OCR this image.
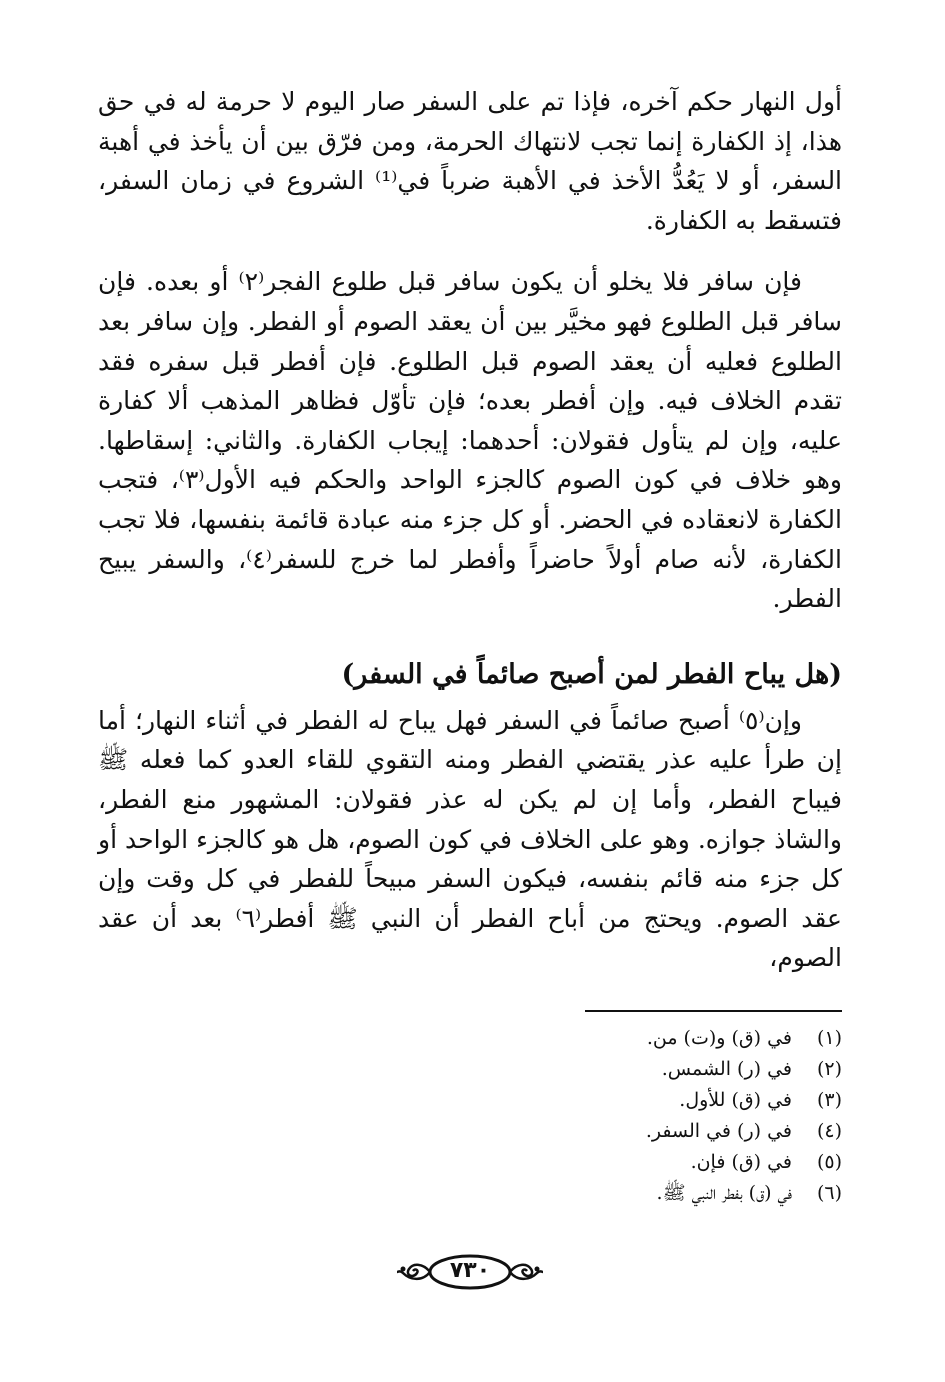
أول النهار حكم آخره، فإذا تم على السفر صار اليوم لا حرمة له في حق هذا، إذ الكفارة إنما تجب لانتهاك الحرمة، ومن فرّق بين أن يأخذ في أهبة السفر، أو لا يَعُدُّ الأخذ في الأهبة ضرباً في⁽¹⁾ الشروع في زمان السفر، فتسقط به الكفارة.

فإن سافر فلا يخلو أن يكون سافر قبل طلوع الفجر⁽٢⁾ أو بعده. فإن سافر قبل الطلوع فهو مخيَّر بين أن يعقد الصوم أو الفطر. وإن سافر بعد الطلوع فعليه أن يعقد الصوم قبل الطلوع. فإن أفطر قبل سفره فقد تقدم الخلاف فيه. وإن أفطر بعده؛ فإن تأوّل فظاهر المذهب ألا كفارة عليه، وإن لم يتأول فقولان: أحدهما: إيجاب الكفارة. والثاني: إسقاطها. وهو خلاف في كون الصوم كالجزء الواحد والحكم فيه الأول⁽٣⁾، فتجب الكفارة لانعقاده في الحضر. أو كل جزء منه عبادة قائمة بنفسها، فلا تجب الكفارة، لأنه صام أولاً حاضراً وأفطر لما خرج للسفر⁽٤⁾، والسفر يبيح الفطر.

(هل يباح الفطر لمن أصبح صائماً في السفر)

وإن⁽٥⁾ أصبح صائماً في السفر فهل يباح له الفطر في أثناء النهار؛ أما إن طرأ عليه عذر يقتضي الفطر ومنه التقوي للقاء العدو كما فعله ﷺ فيباح الفطر، وأما إن لم يكن له عذر فقولان: المشهور منع الفطر، والشاذ جوازه. وهو على الخلاف في كون الصوم، هل هو كالجزء الواحد أو كل جزء منه قائم بنفسه، فيكون السفر مبيحاً للفطر في كل وقت وإن عقد الصوم. ويحتج من أباح الفطر أن النبي ﷺ أفطر⁽٦⁾ بعد أن عقد الصوم،

(١)
في (ق) و(ت) من.
(٢)
في (ر) الشمس.
(٣)
في (ق) للأول.
(٤)
في (ر) في السفر.
(٥)
في (ق) فإن.
(٦)
في (ق) بفطر النبي ﷺ.
٧٣٠
